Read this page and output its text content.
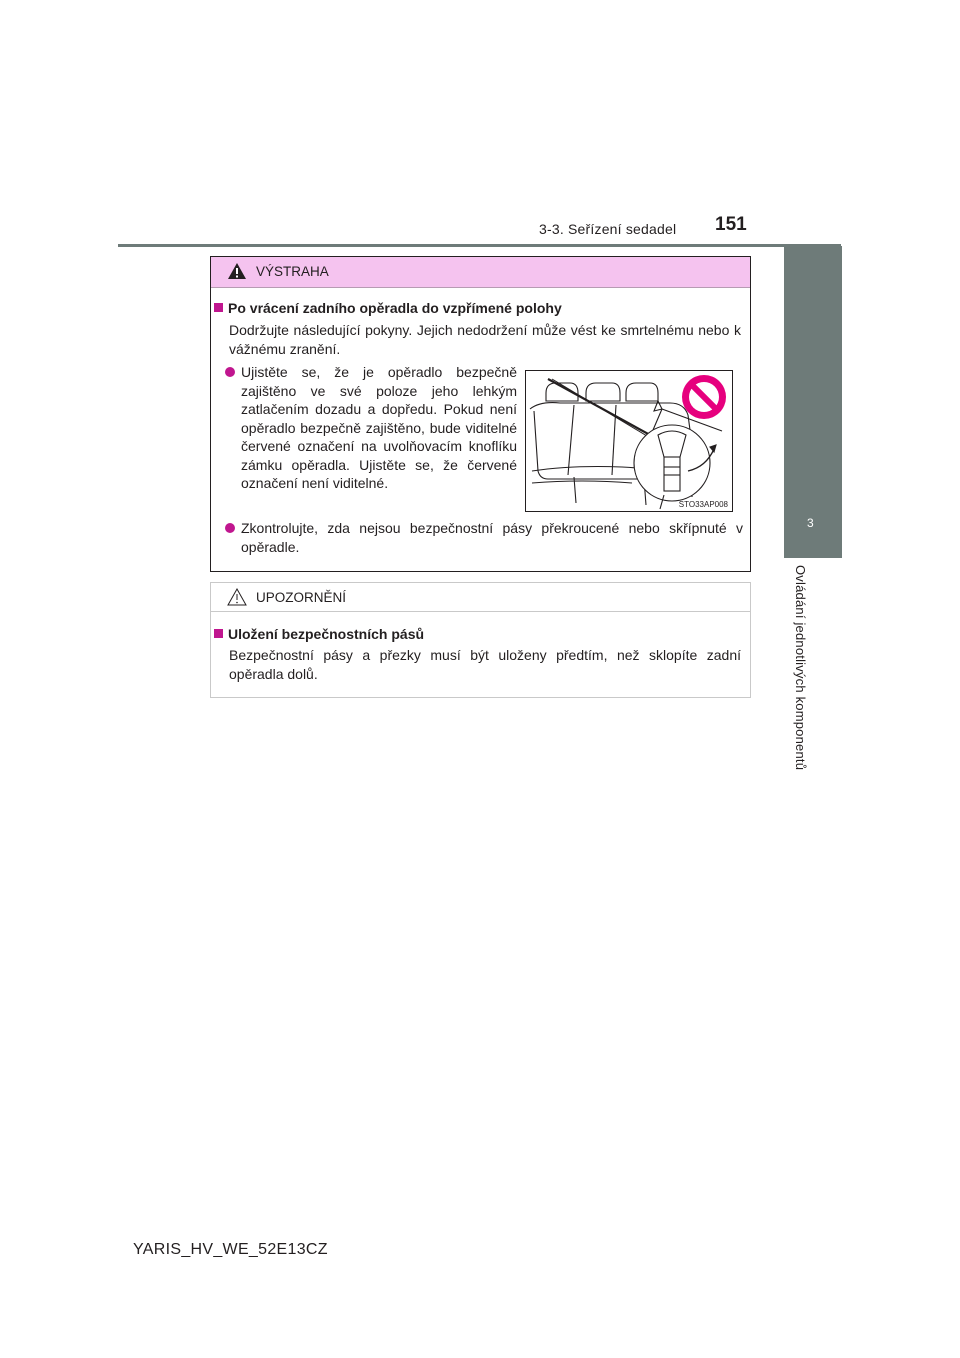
3-3. Seřízení sedadel 151
3
Ovládání jednotlivých komponentů
VÝSTRAHA
Po vrácení zadního opěradla do vzpřímené polohy
Dodržujte následující pokyny. Jejich nedodržení může vést ke smrtelnému nebo k vážnému zranění.
Ujistěte se, že je opěradlo bezpečně zajištěno ve své poloze jeho lehkým zatlačením dozadu a dopředu. Pokud není opěradlo bezpečně zajištěno, bude viditelné červené označení na uvolňovacím knoflíku zámku opěradla. Ujistěte se, že červené označení není viditelné.
STO33AP008
Zkontrolujte, zda nejsou bezpečnostní pásy překroucené nebo skřípnuté v opěradle.
UPOZORNĚNÍ
Uložení bezpečnostních pásů
Bezpečnostní pásy a přezky musí být uloženy předtím, než sklopíte zadní opěradla dolů.
YARIS_HV_WE_52E13CZ
